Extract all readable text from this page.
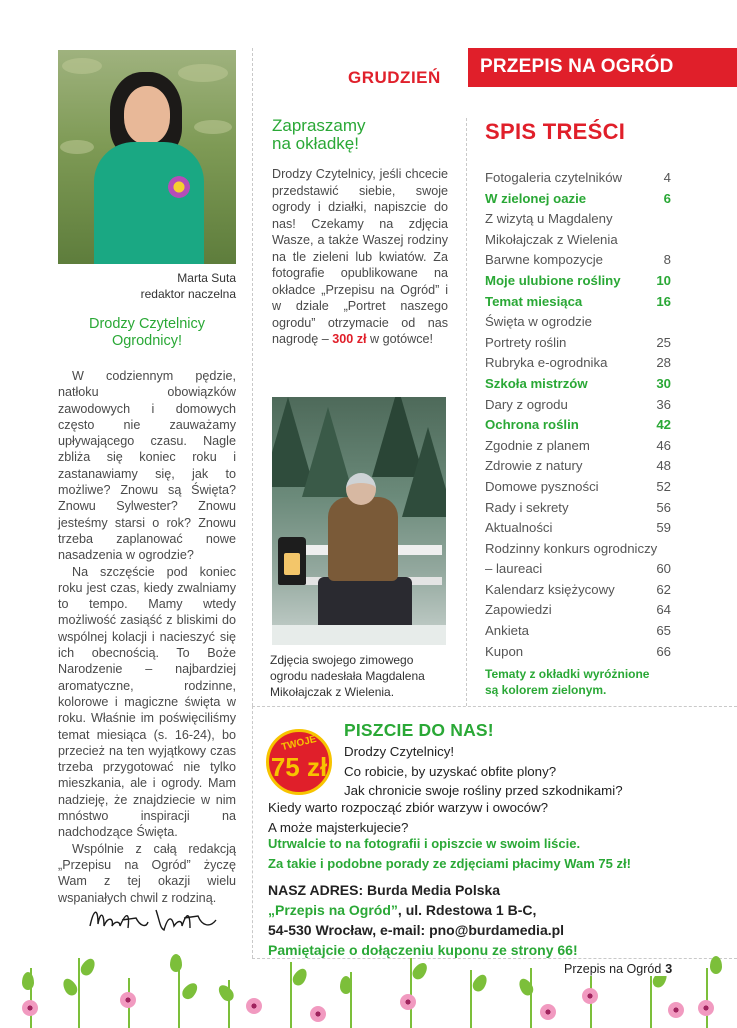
Marta Suta
redaktor naczelna
Drodzy Czytelnicy
Ogrodnicy!

W codziennym pędzie, natłoku obowiązków zawodowych i domowych często nie zauważamy upływającego czasu. Nagle zbliża się koniec roku i zastanawiamy się, jak to możliwe? Znowu są Święta? Znowu Sylwester? Znowu jesteśmy starsi o rok? Znowu trzeba zaplanować nowe nasadzenia w ogrodzie?

Na szczęście pod koniec roku jest czas, kiedy zwalniamy to tempo. Mamy wtedy możliwość zasiąść z bliskimi do wspólnej kolacji i nacieszyć się ich obecnością. To Boże Narodzenie – najbardziej aromatyczne, rodzinne, kolorowe i magiczne święta w roku. Właśnie im poświęciliśmy temat miesiąca (s. 16-24), bo przecież na ten wyjątkowy czas trzeba przygotować nie tylko mieszkania, ale i ogrody. Mam nadzieję, że znajdziecie w nim mnóstwo inspiracji na nadchodzące Święta.

Wspólnie z całą redakcją „Przepisu na Ogród” życzę Wam z tej okazji wielu wspaniałych chwil z rodziną.

GRUDZIEŃ
PRZEPIS NA OGRÓD
Zapraszamy
na okładkę!
Drodzy Czytelnicy, jeśli chcecie przedstawić siebie, swoje ogrody i działki, napiszcie do nas! Czekamy na zdjęcia Wasze, a także Waszej rodziny na tle zieleni lub kwiatów. Za fotografie opublikowane na okładce „Przepisu na Ogród” i w dziale „Portret naszego ogrodu” otrzymacie od nas nagrodę – 300 zł w gotówce!
Zdjęcia swojego zimowego ogrodu nadesłała Magdalena Mikołajczak z Wielenia.
SPIS TREŚCI
Fotogaleria czytelników	4
W zielonej oazie	6
Z wizytą u Magdaleny
Mikołajczak z Wielenia
Barwne kompozycje	8
Moje ulubione rośliny	10
Temat miesiąca	16
Święta w ogrodzie
Portrety roślin	25
Rubryka e-ogrodnika	28
Szkoła mistrzów	30
Dary z ogrodu	36
Ochrona roślin	42
Zgodnie z planem	46
Zdrowie z natury	48
Domowe pyszności	52
Rady i sekrety	56
Aktualności	59
Rodzinny konkurs ogrodniczy
– laureaci	60
Kalendarz księżycowy	62
Zapowiedzi	64
Ankieta	65
Kupon	66
Tematy z okładki wyróżnione
są kolorem zielonym.
TWOJE
75 zł
PISZCIE DO NAS!
Drodzy Czytelnicy!
Co robicie, by uzyskać obfite plony?
Jak chronicie swoje rośliny przed szkodnikami?
Kiedy warto rozpocząć zbiór warzyw i owoców?
A może majsterkujecie?
Utrwalcie to na fotografii i opiszcie w swoim liście.
Za takie i podobne porady ze zdjęciami płacimy Wam 75 zł!
NASZ ADRES: Burda Media Polska
„Przepis na Ogród”, ul. Rdestowa 1 B-C,
54-530 Wrocław, e-mail: pno@burdamedia.pl
Pamiętajcie o dołączeniu kuponu ze strony 66!
Przepis na Ogród 3
